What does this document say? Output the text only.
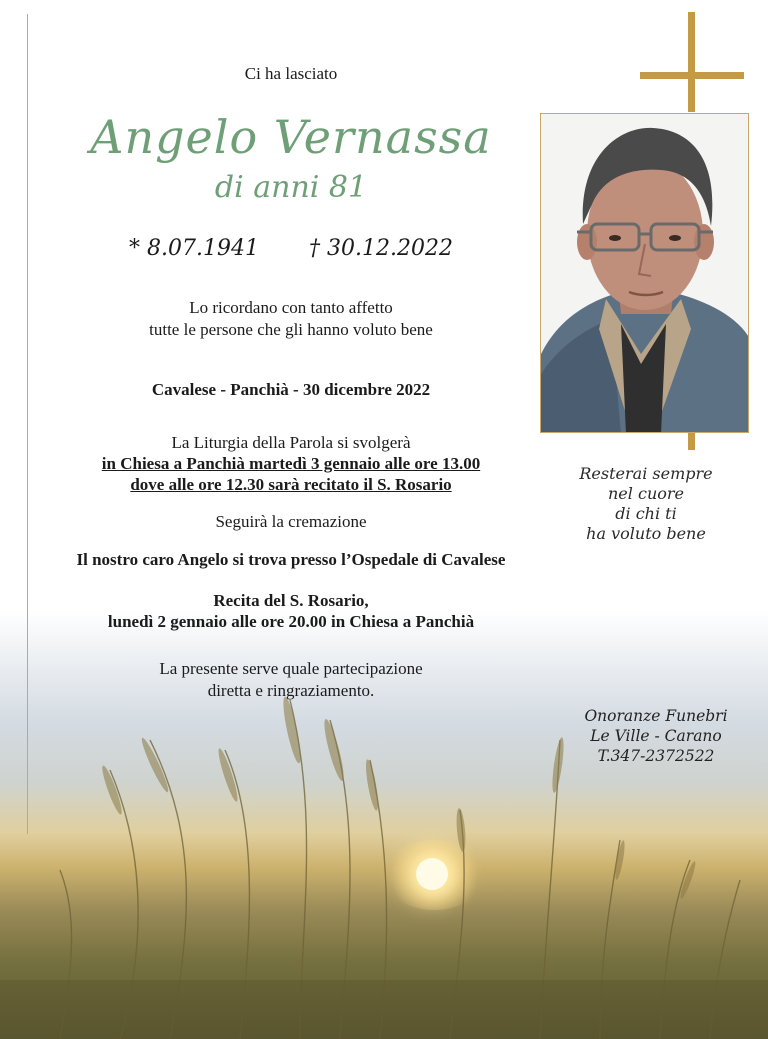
Ci ha lasciato
Angelo Vernassa
di anni 81
* 8.07.1941 † 30.12.2022
Lo ricordano con tanto affetto
tutte le persone che gli hanno voluto bene
Cavalese - Panchià - 30 dicembre 2022
La Liturgia della Parola si svolgerà
in Chiesa a Panchià martedì 3 gennaio alle ore 13.00
dove alle ore 12.30 sarà recitato il S. Rosario
Seguirà la cremazione
Il nostro caro Angelo si trova presso l’Ospedale di Cavalese
Recita del S. Rosario,
lunedì 2 gennaio alle ore 20.00 in Chiesa a Panchià
La presente serve quale partecipazione
diretta e ringraziamento.
Resterai sempre
nel cuore
di chi ti
ha voluto bene
Onoranze Funebri
Le Ville - Carano
T.347-2372522
